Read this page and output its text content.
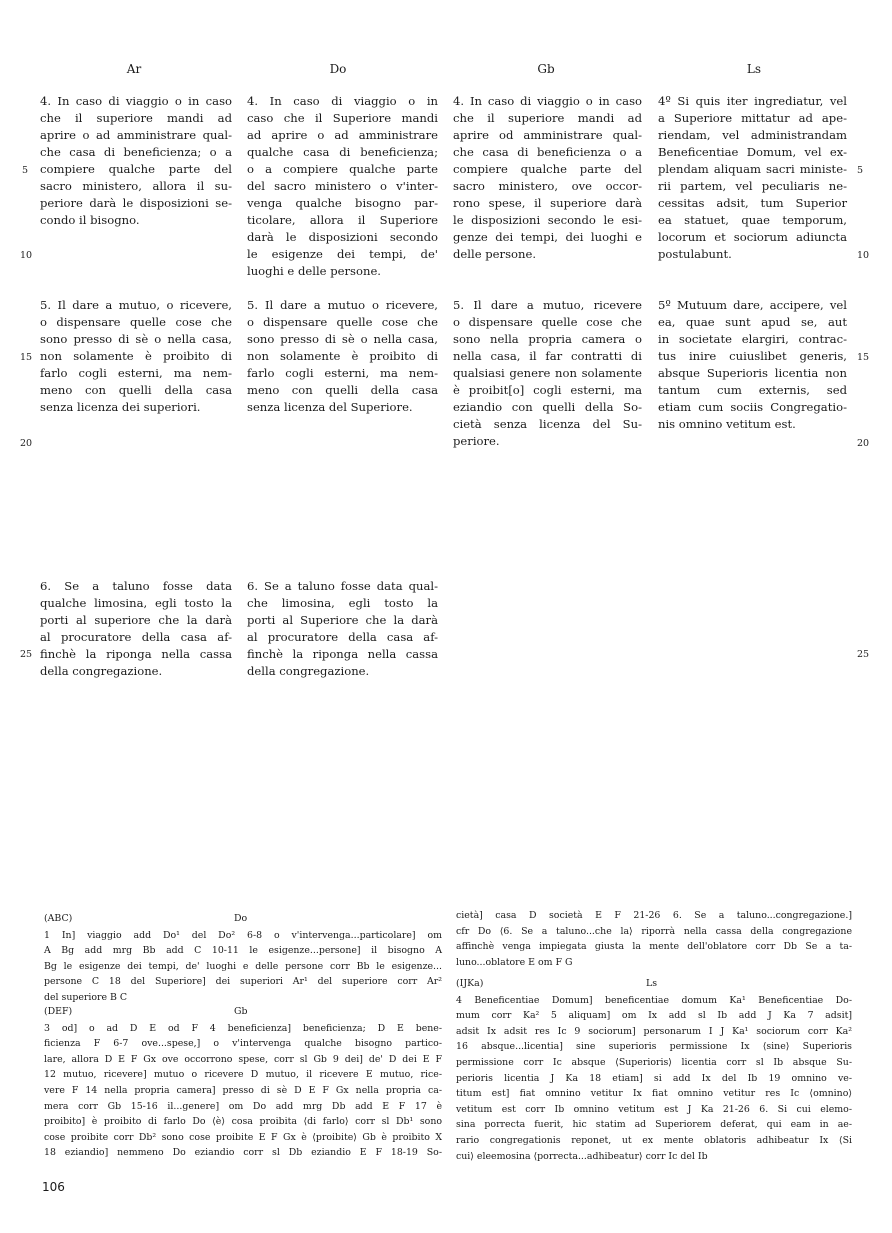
Ar	Do	Gb	Ls
4. In caso di viaggio o in caso
che il superiore mandi ad
aprire o ad amministrare qual-
che casa di beneficienza; o a
compiere qualche parte del
sacro ministero, allora il su-
periore darà le disposizioni se-
condo il bisogno.
5. Il dare a mutuo, o ricevere,
o dispensare quelle cose che
sono presso di sè o nella casa,
non solamente è proibito di
farlo cogli esterni, ma nem-
meno con quelli della casa
senza licenza dei superiori.
6. Se a taluno fosse data
qualche limosina, egli tosto la
porti al superiore che la darà
al procuratore della casa af-
finchè la riponga nella cassa
della congregazione.
4. In caso di viaggio o in
caso che il Superiore mandi
ad aprire o ad amministrare
qualche casa di beneficienza;
o a compiere qualche parte
del sacro ministero o v'inter-
venga qualche bisogno par-
ticolare, allora il Superiore
darà le disposizioni secondo
le esigenze dei tempi, de'
luoghi e delle persone.
5. Il dare a mutuo o ricevere,
o dispensare quelle cose che
sono presso di sè o nella casa,
non solamente è proibito di
farlo cogli esterni, ma nem-
meno con quelli della casa
senza licenza del Superiore.
6. Se a taluno fosse data qual-
che limosina, egli tosto la
porti al Superiore che la darà
al procuratore della casa af-
finchè la riponga nella cassa
della congregazione.
4. In caso di viaggio o in caso
che il superiore mandi ad
aprire od amministrare qual-
che casa di beneficienza o a
compiere qualche parte del
sacro ministero, ove occor-
rono spese, il superiore darà
le disposizioni secondo le esi-
genze dei tempi, dei luoghi e
delle persone.
5. Il dare a mutuo, ricevere
o dispensare quelle cose che
sono nella propria camera o
nella casa, il far contratti di
qualsiasi genere non solamente
è proibit[o] cogli esterni, ma
eziandio con quelli della So-
cietà senza licenza del Su-
periore.
4º Si quis iter ingrediatur, vel
a Superiore mittatur ad ape-
riendam, vel administrandam
Beneficentiae Domum, vel ex-
plendam aliquam sacri ministe-
rii partem, vel peculiaris ne-
cessitas adsit, tum Superior
ea statuet, quae temporum,
locorum et sociorum adiuncta
postulabunt.
5º Mutuum dare, accipere, vel
ea, quae sunt apud se, aut
in societate elargiri, contrac-
tus inire cuiuslibet generis,
absque Superioris licentia non
tantum cum externis, sed
etiam cum sociis Congregatio-
nis omnino vetitum est.
5
10
15
20
25
5
10
15
20
25
(ABC)	Do
1 In] viaggio add Do¹ del Do² 6-8 o v'intervenga...particolare] om
A Bg add mrg Bb add C 10-11 le esigenze...persone] il bisogno A
Bg le esigenze dei tempi, de' luoghi e delle persone corr Bb le esigenze...
persone C 18 del Superiore] dei superiori Ar¹ del superiore corr Ar²
del superiore B C
(DEF)	Gb
3 od] o ad D E od F 4 beneficienza] beneficienza; D E bene-
ficienza F 6-7 ove...spese,] o v'intervenga qualche bisogno partico-
lare, allora D E F Gx ove occorrono spese, corr sl Gb 9 dei] de' D dei E F
12 mutuo, ricevere] mutuo o ricevere D mutuo, il ricevere E mutuo, rice-
vere F 14 nella propria camera] presso di sè D E F Gx nella propria ca-
mera corr Gb 15-16 il...genere] om Do add mrg Db add E F 17 è
proibito] è proibito di farlo Do ⟨è⟩ cosa proibita ⟨di farlo⟩ corr sl Db¹ sono
cose proibite corr Db² sono cose proibite E F Gx è ⟨proibite⟩ Gb è proibito X
18 eziandio] nemmeno Do eziandio corr sl Db eziandio E F 18-19 So-
cietà] casa D società E F 21-26 6. Se a taluno...congregazione.]
cfr Do ⟨6. Se a taluno...che la⟩ riporrà nella cassa della congregazione
affinchè venga impiegata giusta la mente dell'oblatore corr Db Se a ta-
luno...oblatore E om F G
(IJKa)	Ls
4 Beneficentiae Domum] beneficentiae domum Ka¹ Beneficentiae Do-
mum corr Ka² 5 aliquam] om Ix add sl Ib add J Ka 7 adsit]
adsit Ix adsit res Ic 9 sociorum] personarum I J Ka¹ sociorum corr Ka²
16 absque...licentia] sine superioris permissione Ix ⟨sine⟩ Superioris
permissione corr Ic absque ⟨Superioris⟩ licentia corr sl Ib absque Su-
perioris licentia J Ka 18 etiam] si add Ix del Ib 19 omnino ve-
titum est] fiat omnino vetitur Ix fiat omnino vetitur res Ic ⟨omnino⟩
vetitum est corr Ib omnino vetitum est J Ka 21-26 6. Si cui elemo-
sina porrecta fuerit, hic statim ad Superiorem deferat, qui eam in ae-
rario congregationis reponet, ut ex mente oblatoris adhibeatur Ix ⟨Si
cui⟩ eleemosina ⟨porrecta...adhibeatur⟩ corr Ic del Ib
106
